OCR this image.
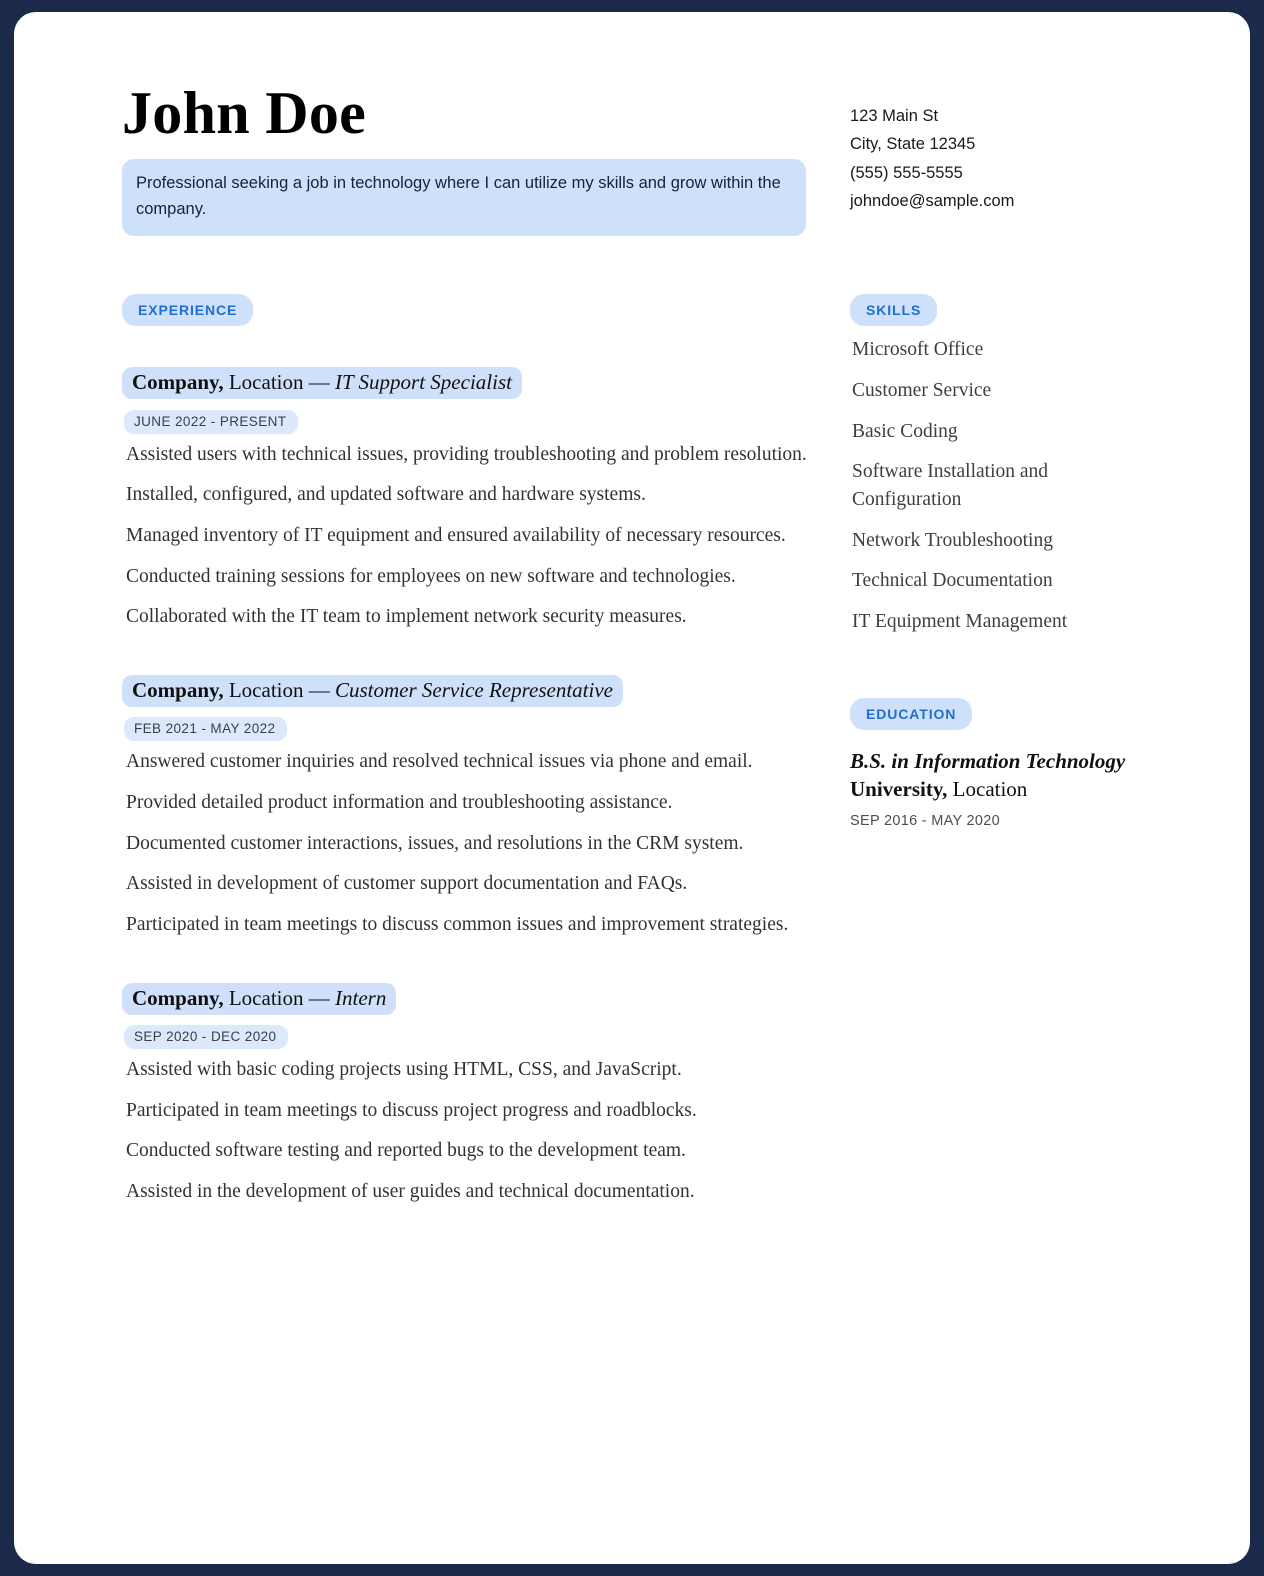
John Doe
Professional seeking a job in technology where I can utilize my skills and grow within the company.
123 Main St
City, State 12345
(555) 555-5555
johndoe@sample.com
EXPERIENCE
Company, Location — IT Support Specialist
JUNE 2022 - PRESENT
Assisted users with technical issues, providing troubleshooting and problem resolution.
Installed, configured, and updated software and hardware systems.
Managed inventory of IT equipment and ensured availability of necessary resources.
Conducted training sessions for employees on new software and technologies.
Collaborated with the IT team to implement network security measures.
Company, Location — Customer Service Representative
FEB 2021 - MAY 2022
Answered customer inquiries and resolved technical issues via phone and email.
Provided detailed product information and troubleshooting assistance.
Documented customer interactions, issues, and resolutions in the CRM system.
Assisted in development of customer support documentation and FAQs.
Participated in team meetings to discuss common issues and improvement strategies.
Company, Location — Intern
SEP 2020 - DEC 2020
Assisted with basic coding projects using HTML, CSS, and JavaScript.
Participated in team meetings to discuss project progress and roadblocks.
Conducted software testing and reported bugs to the development team.
Assisted in the development of user guides and technical documentation.
SKILLS
Microsoft Office
Customer Service
Basic Coding
Software Installation and Configuration
Network Troubleshooting
Technical Documentation
IT Equipment Management
EDUCATION
B.S. in Information Technology
University, Location
SEP 2016 - MAY 2020
